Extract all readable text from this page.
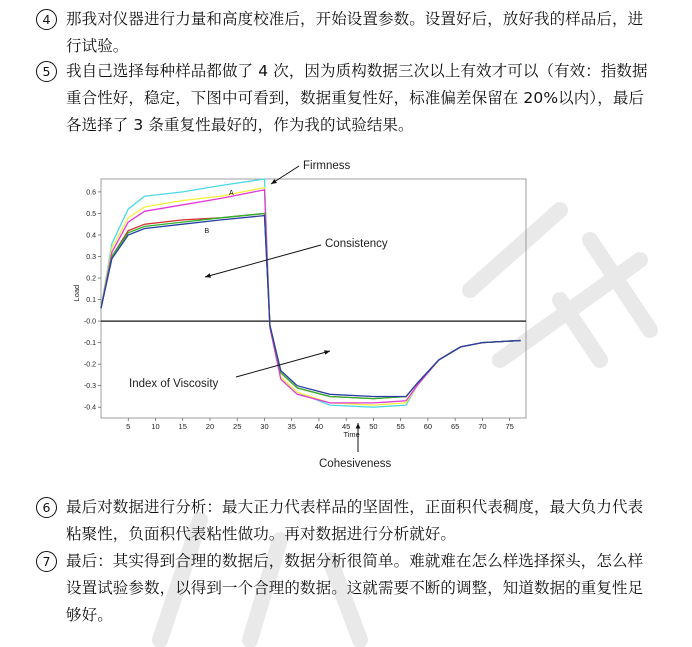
4 那我对仪器进行力量和高度校准后，开始设置参数。设置好后，放好我的样品后，进行试验。
5 我自己选择每种样品都做了 4 次，因为质构数据三次以上有效才可以（有效：指数据重合性好，稳定，下图中可看到，数据重复性好，标准偏差保留在 20%以内），最后各选择了 3 条重复性最好的，作为我的试验结果。
5	10	15	20	25	30	35	40	45	50	55	60	65	70	75
0.6
0.5
0.4
0.3
0.2
0.1
-0.0
-0.1
-0.2
-0.3
-0.4
Time
Load
A
B
Firmness
Consistency
Index of Viscosity
Cohesiveness
6 最后对数据进行分析：最大正力代表样品的坚固性，正面积代表稠度，最大负力代表粘聚性，负面积代表粘性做功。再对数据进行分析就好。
7 最后：其实得到合理的数据后，数据分析很简单。难就难在怎么样选择探头，怎么样设置试验参数，以得到一个合理的数据。这就需要不断的调整，知道数据的重复性足够好。
